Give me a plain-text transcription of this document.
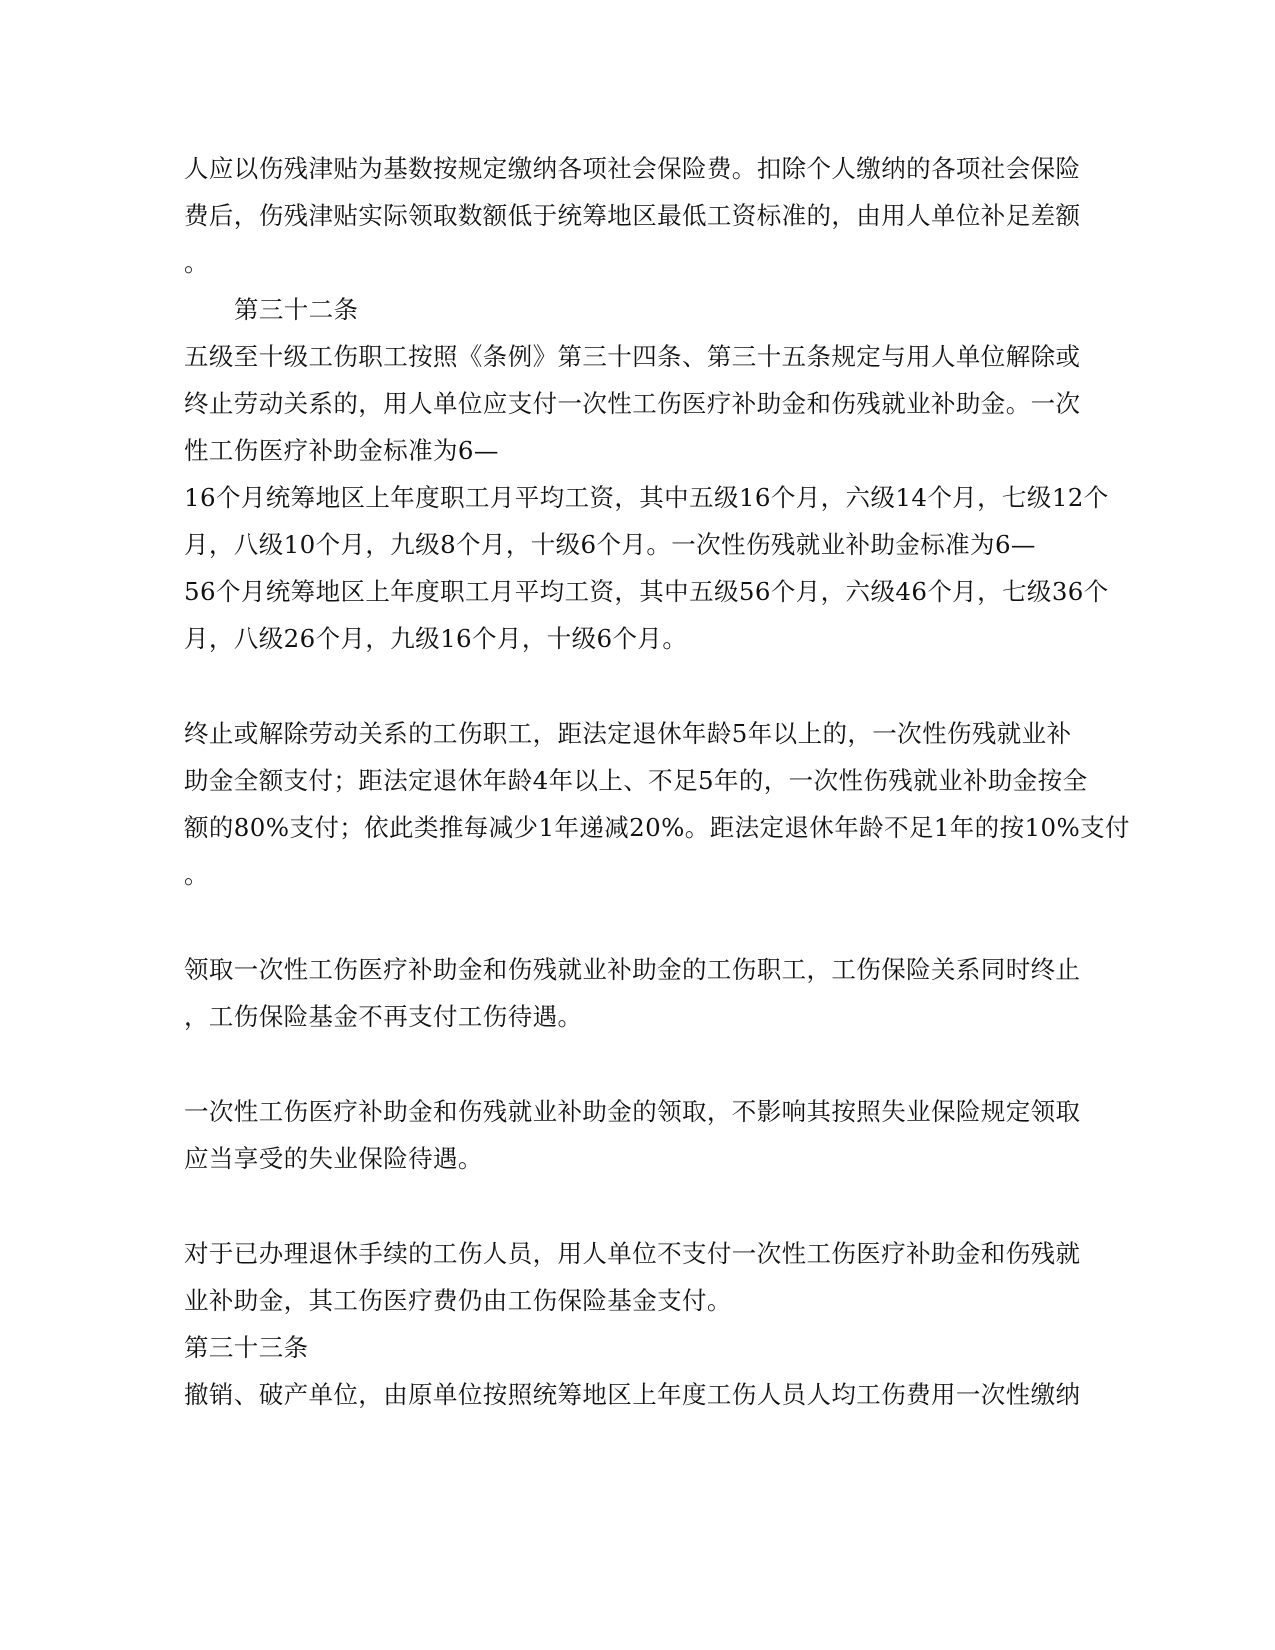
人应以伤残津贴为基数按规定缴纳各项社会保险费。扣除个人缴纳的各项社会保险
费后，伤残津贴实际领取数额低于统筹地区最低工资标准的，由用人单位补足差额
。
第三十二条
五级至十级工伤职工按照《条例》第三十四条、第三十五条规定与用人单位解除或
终止劳动关系的，用人单位应支付一次性工伤医疗补助金和伤残就业补助金。一次
性工伤医疗补助金标准为6—
16个月统筹地区上年度职工月平均工资，其中五级16个月，六级14个月，七级12个
月，八级10个月，九级8个月，十级6个月。一次性伤残就业补助金标准为6—
56个月统筹地区上年度职工月平均工资，其中五级56个月，六级46个月，七级36个
月，八级26个月，九级16个月，十级6个月。
终止或解除劳动关系的工伤职工，距法定退休年龄5年以上的，一次性伤残就业补
助金全额支付；距法定退休年龄4年以上、不足5年的，一次性伤残就业补助金按全
额的80%支付；依此类推每减少1年递减20%。距法定退休年龄不足1年的按10%支付
。
领取一次性工伤医疗补助金和伤残就业补助金的工伤职工，工伤保险关系同时终止
，工伤保险基金不再支付工伤待遇。
一次性工伤医疗补助金和伤残就业补助金的领取，不影响其按照失业保险规定领取
应当享受的失业保险待遇。
对于已办理退休手续的工伤人员，用人单位不支付一次性工伤医疗补助金和伤残就
业补助金，其工伤医疗费仍由工伤保险基金支付。
第三十三条
撤销、破产单位，由原单位按照统筹地区上年度工伤人员人均工伤费用一次性缴纳
